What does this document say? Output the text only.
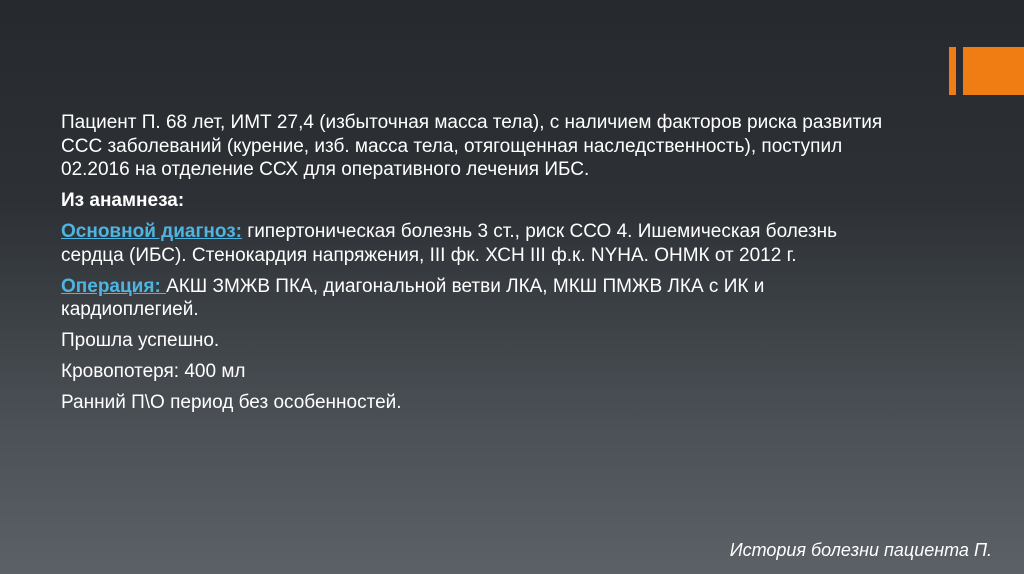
Пациент П. 68 лет, ИМТ 27,4 (избыточная масса тела), с наличием факторов риска развития ССС заболеваний (курение, изб. масса тела, отягощенная наследственность), поступил 02.2016 на отделение ССХ для оперативного лечения ИБС.

Из анамнеза:

Основной диагноз: гипертоническая болезнь 3 ст., риск ССО 4. Ишемическая болезнь сердца (ИБС). Стенокардия напряжения, III фк. ХСН III ф.к. NYHA. ОНМК от 2012 г.

Операция: АКШ ЗМЖВ ПКА, диагональной ветви ЛКА, МКШ ПМЖВ ЛКА с ИК и кардиоплегией.

Прошла успешно.

Кровопотеря: 400 мл

Ранний П\О период без особенностей.

История болезни пациента П.
